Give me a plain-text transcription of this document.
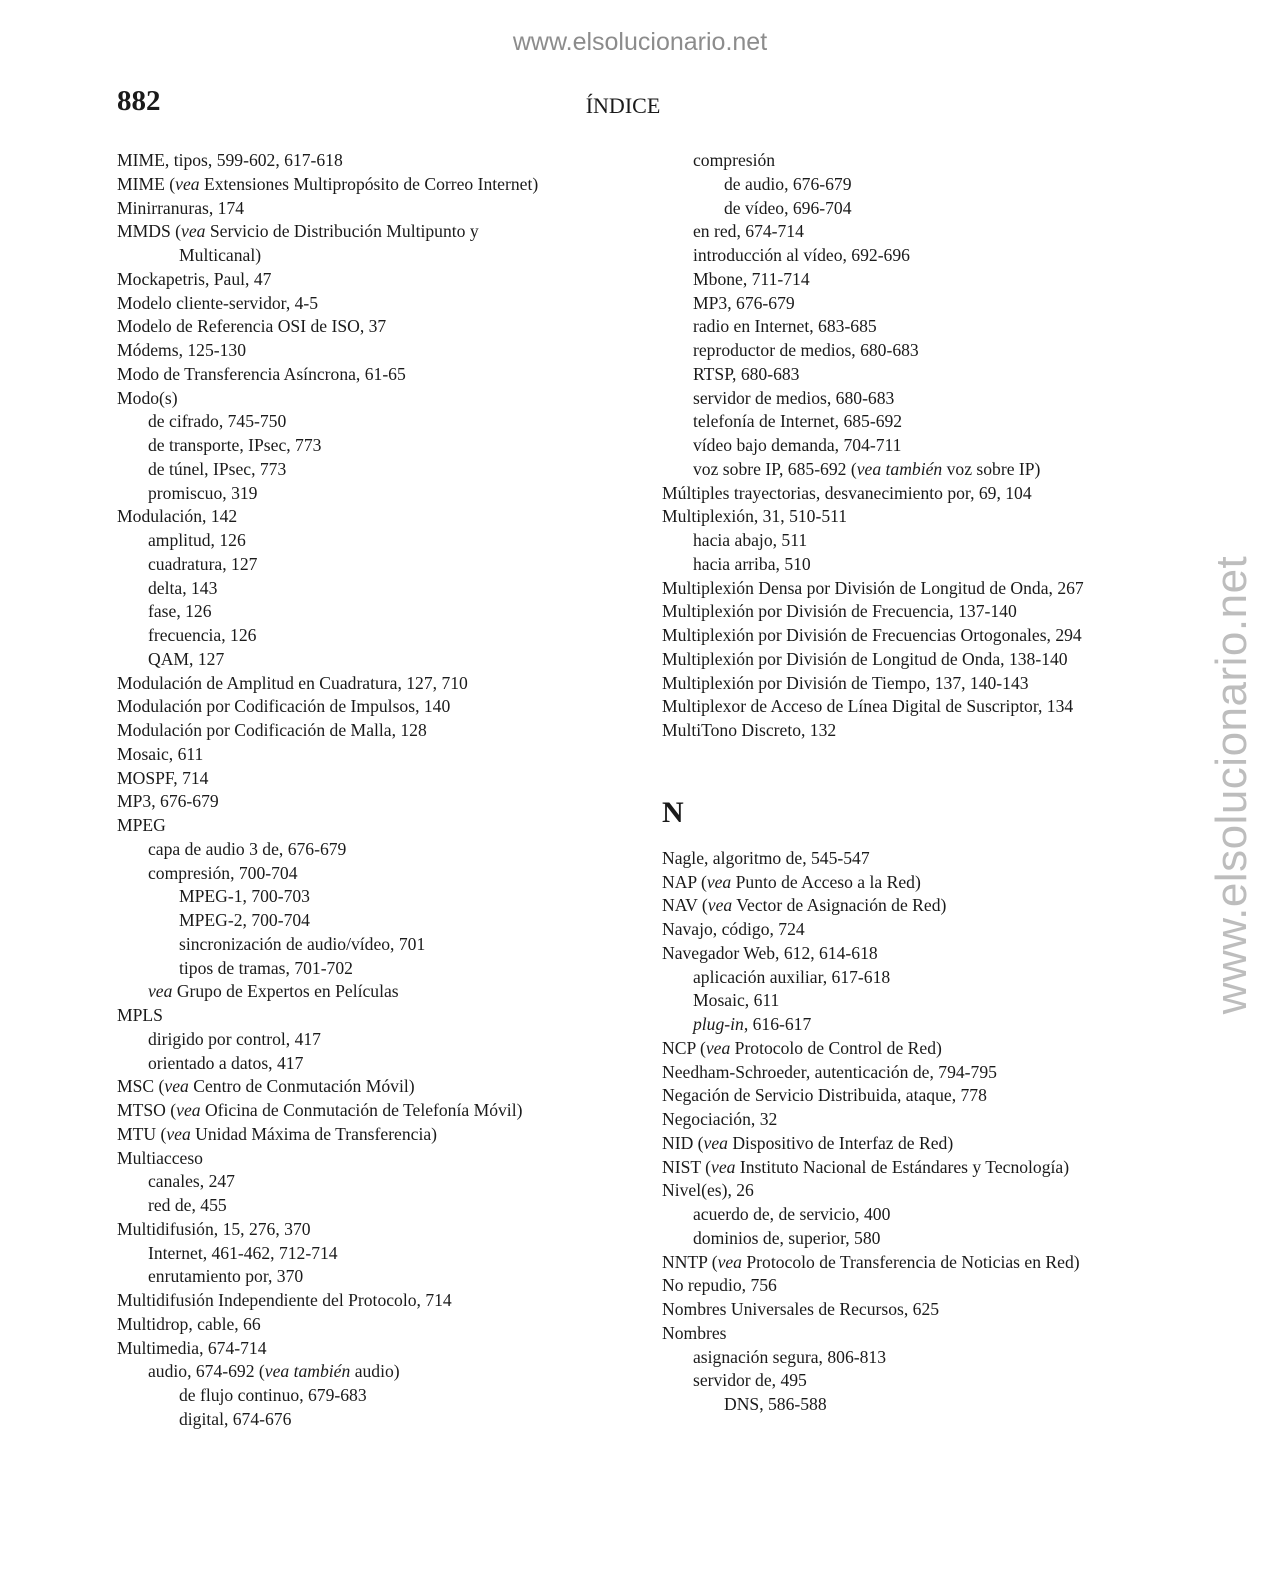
www.elsolucionario.net
www.elsolucionario.net
882	ÍNDICE
MIME, tipos, 599-602, 617-618
MIME (vea Extensiones Multipropósito de Correo Internet)
Minirranuras, 174
MMDS (vea Servicio de Distribución Multipunto y
Multicanal)
Mockapetris, Paul, 47
Modelo cliente-servidor, 4-5
Modelo de Referencia OSI de ISO, 37
Módems, 125-130
Modo de Transferencia Asíncrona, 61-65
Modo(s)
de cifrado, 745-750
de transporte, IPsec, 773
de túnel, IPsec, 773
promiscuo, 319
Modulación, 142
amplitud, 126
cuadratura, 127
delta, 143
fase, 126
frecuencia, 126
QAM, 127
Modulación de Amplitud en Cuadratura, 127, 710
Modulación por Codificación de Impulsos, 140
Modulación por Codificación de Malla, 128
Mosaic, 611
MOSPF, 714
MP3, 676-679
MPEG
capa de audio 3 de, 676-679
compresión, 700-704
MPEG-1, 700-703
MPEG-2, 700-704
sincronización de audio/vídeo, 701
tipos de tramas, 701-702
vea Grupo de Expertos en Películas
MPLS
dirigido por control, 417
orientado a datos, 417
MSC (vea Centro de Conmutación Móvil)
MTSO (vea Oficina de Conmutación de Telefonía Móvil)
MTU (vea Unidad Máxima de Transferencia)
Multiacceso
canales, 247
red de, 455
Multidifusión, 15, 276, 370
Internet, 461-462, 712-714
enrutamiento por, 370
Multidifusión Independiente del Protocolo, 714
Multidrop, cable, 66
Multimedia, 674-714
audio, 674-692 (vea también audio)
de flujo continuo, 679-683
digital, 674-676
compresión
de audio, 676-679
de vídeo, 696-704
en red, 674-714
introducción al vídeo, 692-696
Mbone, 711-714
MP3, 676-679
radio en Internet, 683-685
reproductor de medios, 680-683
RTSP, 680-683
servidor de medios, 680-683
telefonía de Internet, 685-692
vídeo bajo demanda, 704-711
voz sobre IP, 685-692 (vea también voz sobre IP)
Múltiples trayectorias, desvanecimiento por, 69, 104
Multiplexión, 31, 510-511
hacia abajo, 511
hacia arriba, 510
Multiplexión Densa por División de Longitud de Onda, 267
Multiplexión por División de Frecuencia, 137-140
Multiplexión por División de Frecuencias Ortogonales, 294
Multiplexión por División de Longitud de Onda, 138-140
Multiplexión por División de Tiempo, 137, 140-143
Multiplexor de Acceso de Línea Digital de Suscriptor, 134
MultiTono Discreto, 132
N
Nagle, algoritmo de, 545-547
NAP (vea Punto de Acceso a la Red)
NAV (vea Vector de Asignación de Red)
Navajo, código, 724
Navegador Web, 612, 614-618
aplicación auxiliar, 617-618
Mosaic, 611
plug-in, 616-617
NCP (vea Protocolo de Control de Red)
Needham-Schroeder, autenticación de, 794-795
Negación de Servicio Distribuida, ataque, 778
Negociación, 32
NID (vea Dispositivo de Interfaz de Red)
NIST (vea Instituto Nacional de Estándares y Tecnología)
Nivel(es), 26
acuerdo de, de servicio, 400
dominios de, superior, 580
NNTP (vea Protocolo de Transferencia de Noticias en Red)
No repudio, 756
Nombres Universales de Recursos, 625
Nombres
asignación segura, 806-813
servidor de, 495
DNS, 586-588
